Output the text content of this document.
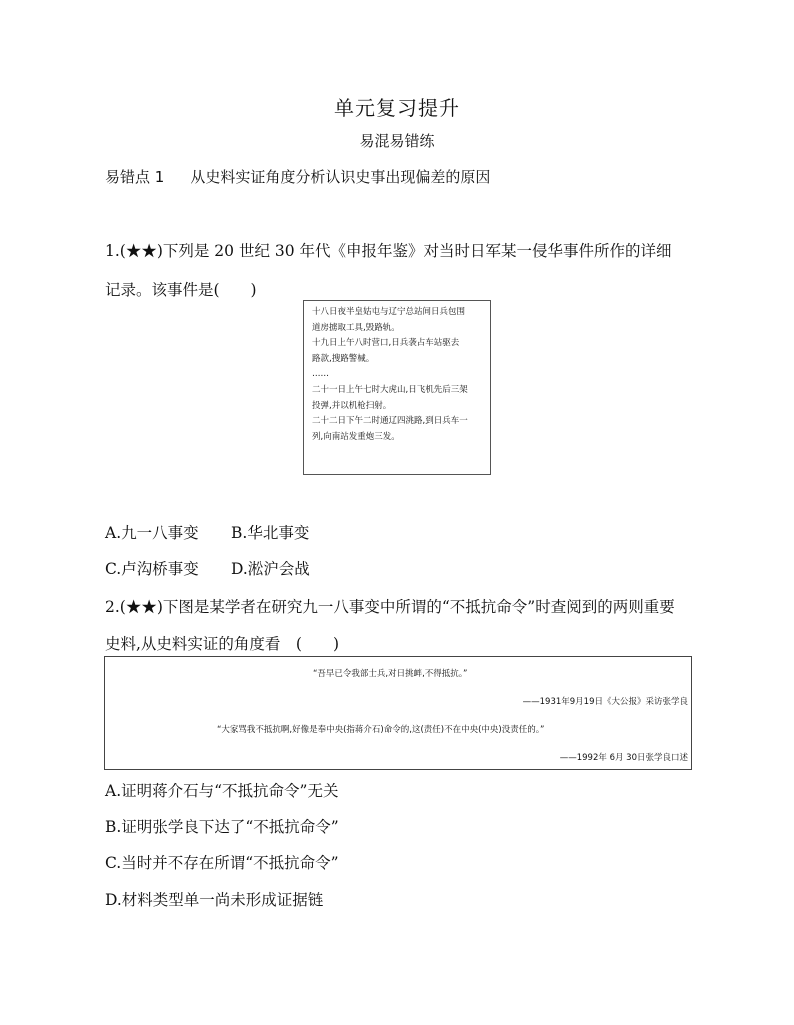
单元复习提升
易混易错练
易错点 1 从史料实证角度分析认识史事出现偏差的原因
1.(★★)下列是 20 世纪 30 年代《申报年鉴》对当时日军某一侵华事件所作的详细
记录。该事件是(　　)
十八日夜半皇姑屯与辽宁总站间日兵包围
道房掳取工具,毁路轨。
十九日上午八时营口,日兵袭占车站驱去
路款,搜路警械。
……
二十一日上午七时大虎山,日飞机先后三架
投弹,并以机枪扫射。
二十二日下午二时通辽四洮路,到日兵车一
列,向南站发重炮三发。
A.九一八事变 B.华北事变
C.卢沟桥事变 D.淞沪会战
2.(★★)下图是某学者在研究九一八事变中所谓的“不抵抗命令”时查阅到的两则重要
史料,从史料实证的角度看　(　　)
“吾早已令我部士兵,对日挑衅,不得抵抗。”
——1931年9月19日《大公报》采访张学良
“大家骂我不抵抗啊,好像是奉中央(指蒋介石)命令的,这(责任)不在中央(中央)没责任的。”
——1992年 6月 30日张学良口述
A.证明蒋介石与“不抵抗命令”无关
B.证明张学良下达了“不抵抗命令”
C.当时并不存在所谓“不抵抗命令”
D.材料类型单一尚未形成证据链
